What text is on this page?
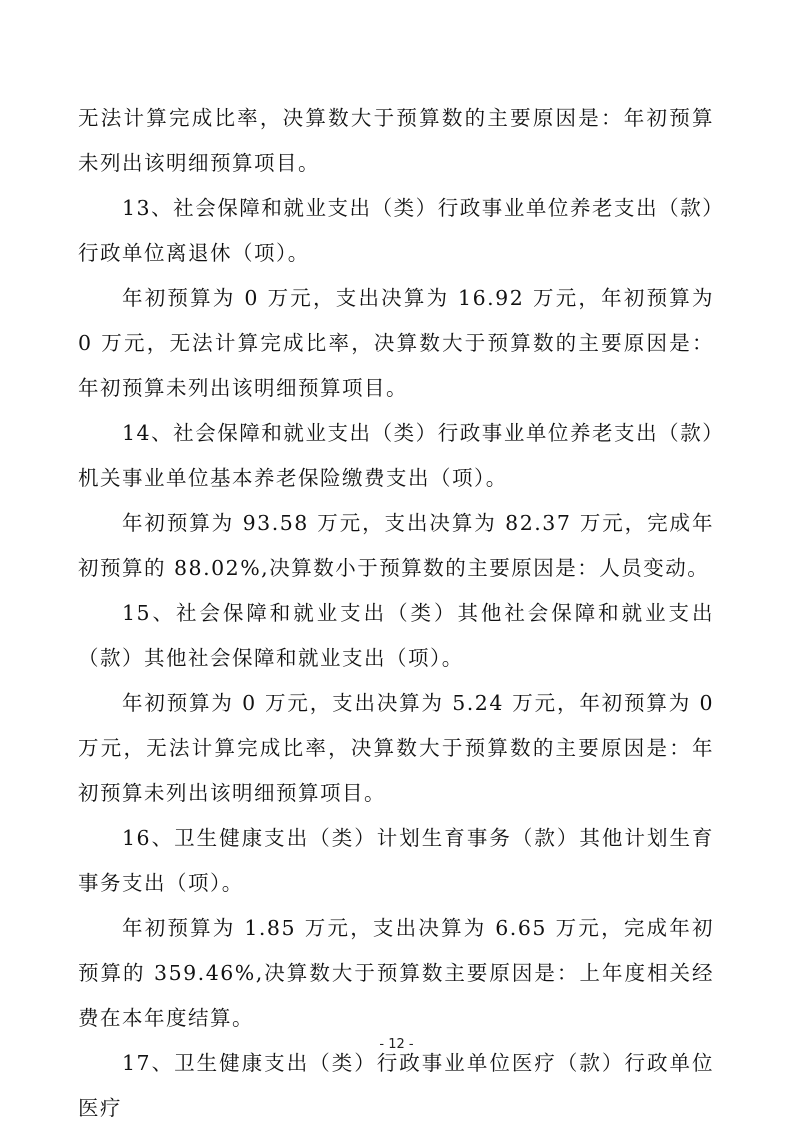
无法计算完成比率，决算数大于预算数的主要原因是：年初预算未列出该明细预算项目。

13、社会保障和就业支出（类）行政事业单位养老支出（款）行政单位离退休（项）。

年初预算为 0 万元，支出决算为 16.92 万元，年初预算为 0 万元，无法计算完成比率，决算数大于预算数的主要原因是：年初预算未列出该明细预算项目。

14、社会保障和就业支出（类）行政事业单位养老支出（款）机关事业单位基本养老保险缴费支出（项）。

年初预算为 93.58 万元，支出决算为 82.37 万元，完成年初预算的 88.02%,决算数小于预算数的主要原因是：人员变动。

15、社会保障和就业支出（类）其他社会保障和就业支出（款）其他社会保障和就业支出（项）。

年初预算为 0 万元，支出决算为 5.24 万元，年初预算为 0 万元，无法计算完成比率，决算数大于预算数的主要原因是：年初预算未列出该明细预算项目。

16、卫生健康支出（类）计划生育事务（款）其他计划生育事务支出（项）。

年初预算为 1.85 万元，支出决算为 6.65 万元，完成年初预算的 359.46%,决算数大于预算数主要原因是：上年度相关经费在本年度结算。

17、卫生健康支出（类）行政事业单位医疗（款）行政单位医疗

- 12 -
